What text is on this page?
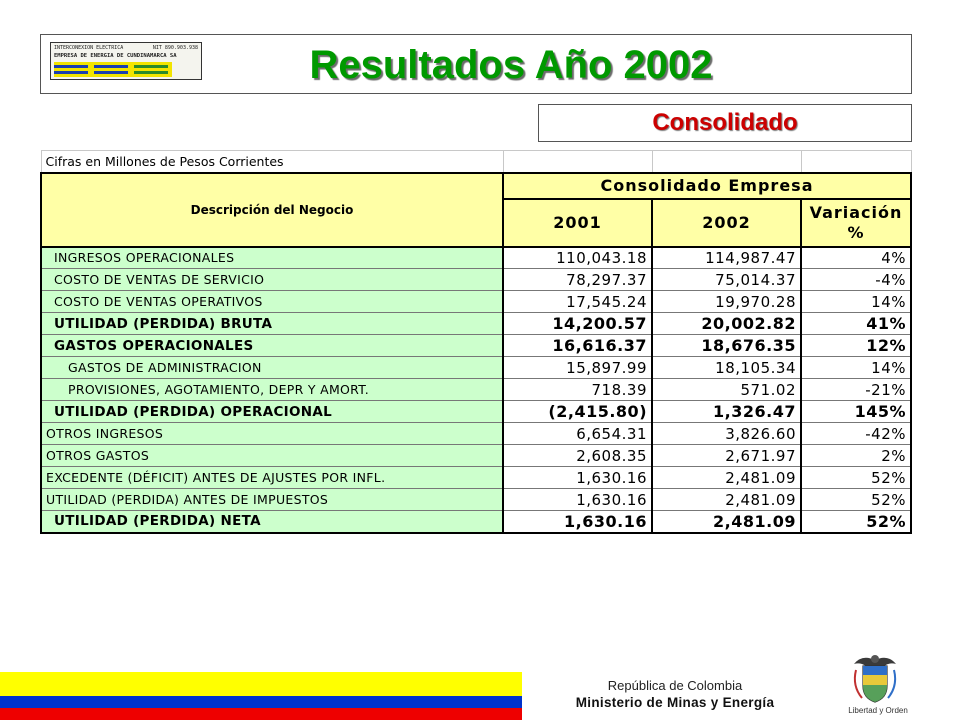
INTERCONEXION ELECTRICA	NIT 890.903.938
EMPRESA DE ENERGIA DE CUNDINAMARCA SA	Resultados Año 2002
Consolidado
Cifras en Millones de Pesos Corrientes			
Descripción del Negocio	Consolidado Empresa		
	2001	2002	Variación %
INGRESOS OPERACIONALES	110,043.18	114,987.47	4%
COSTO DE VENTAS DE SERVICIO	78,297.37	75,014.37	-4%
COSTO DE VENTAS OPERATIVOS	17,545.24	19,970.28	14%
UTILIDAD (PERDIDA) BRUTA	14,200.57	20,002.82	41%
GASTOS OPERACIONALES	16,616.37	18,676.35	12%
GASTOS DE ADMINISTRACION	15,897.99	18,105.34	14%
PROVISIONES, AGOTAMIENTO, DEPR Y AMORT.	718.39	571.02	-21%
UTILIDAD (PERDIDA) OPERACIONAL	(2,415.80)	1,326.47	145%
OTROS INGRESOS	6,654.31	3,826.60	-42%
OTROS GASTOS	2,608.35	2,671.97	2%
EXCEDENTE (DÉFICIT) ANTES DE AJUSTES POR INFL.	1,630.16	2,481.09	52%
UTILIDAD (PERDIDA) ANTES DE IMPUESTOS	1,630.16	2,481.09	52%
UTILIDAD (PERDIDA) NETA	1,630.16	2,481.09	52%
República de Colombia
Ministerio de Minas y Energía
Libertad y Orden
